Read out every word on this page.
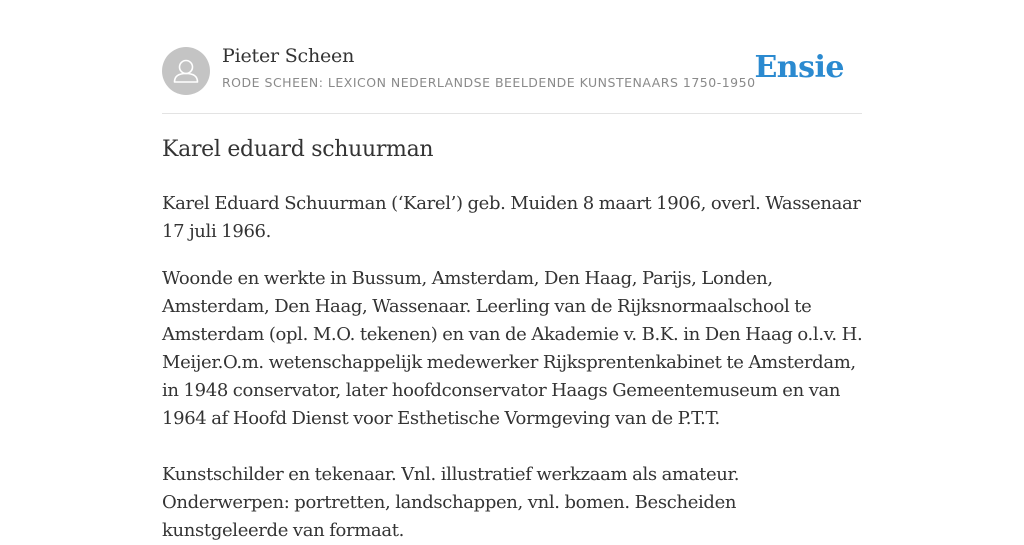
Pieter Scheen
RODE SCHEEN: LEXICON NEDERLANDSE BEELDENDE KUNSTENAARS 1750-1950
Ensie
Karel eduard schuurman

Karel Eduard Schuurman (‘Karel’) geb. Muiden 8 maart 1906, overl. Wassenaar 17 juli 1966.

Woonde en werkte in Bussum, Amsterdam, Den Haag, Parijs, Londen, Amsterdam, Den Haag, Wassenaar. Leerling van de Rijksnormaalschool te Amsterdam (opl. M.O. tekenen) en van de Akademie v. B.K. in Den Haag o.l.v. H. Meijer.O.m. wetenschappelijk medewerker Rijksprentenkabinet te Amsterdam, in 1948 conservator, later hoofdconservator Haags Gemeentemuseum en van 1964 af Hoofd Dienst voor Esthetische Vormgeving van de P.T.T.

Kunstschilder en tekenaar. Vnl. illustratief werkzaam als amateur. Onderwerpen: portretten, landschappen, vnl. bomen. Bescheiden kunstgeleerde van formaat.
